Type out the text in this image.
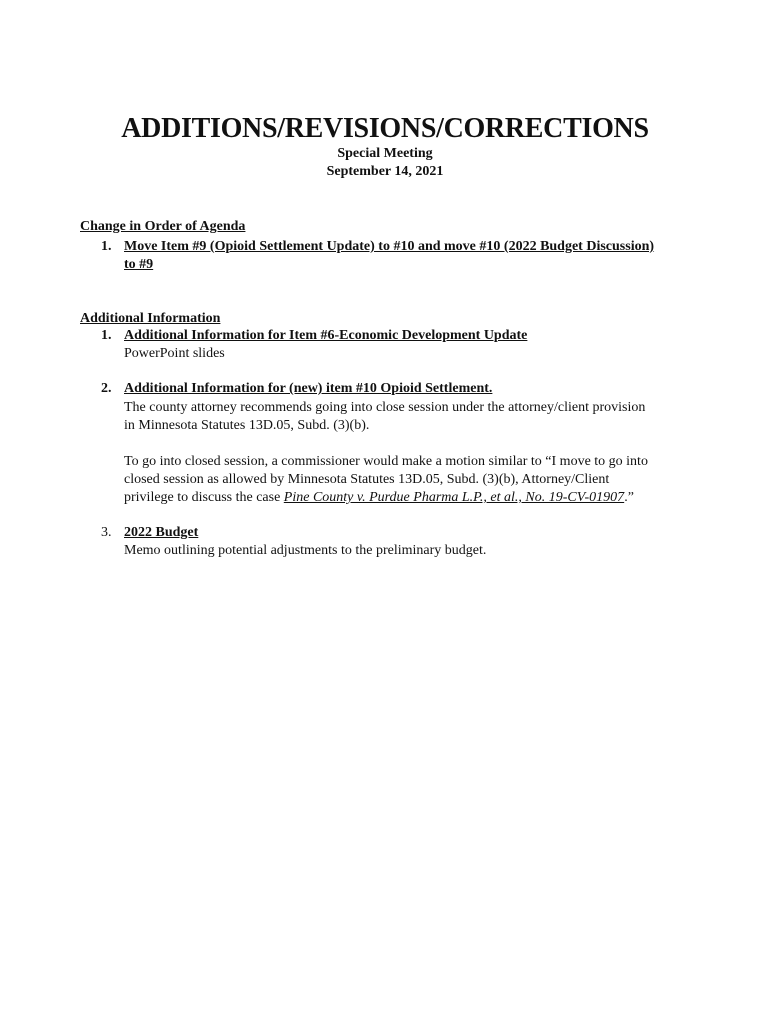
ADDITIONS/REVISIONS/CORRECTIONS
Special Meeting
September 14, 2021
Change in Order of Agenda
1. Move Item #9 (Opioid Settlement Update) to #10 and move #10 (2022 Budget Discussion)
to #9
Additional Information
1. Additional Information for Item #6-Economic Development Update
PowerPoint slides
2. Additional Information for (new) item #10 Opioid Settlement.
The county attorney recommends going into close session under the attorney/client provision
in Minnesota Statutes 13D.05, Subd. (3)(b).
To go into closed session, a commissioner would make a motion similar to “I move to go into
closed session as allowed by Minnesota Statutes 13D.05, Subd. (3)(b), Attorney/Client
privilege to discuss the case Pine County v. Purdue Pharma L.P., et al., No. 19-CV-01907.”
3. 2022 Budget
Memo outlining potential adjustments to the preliminary budget.
